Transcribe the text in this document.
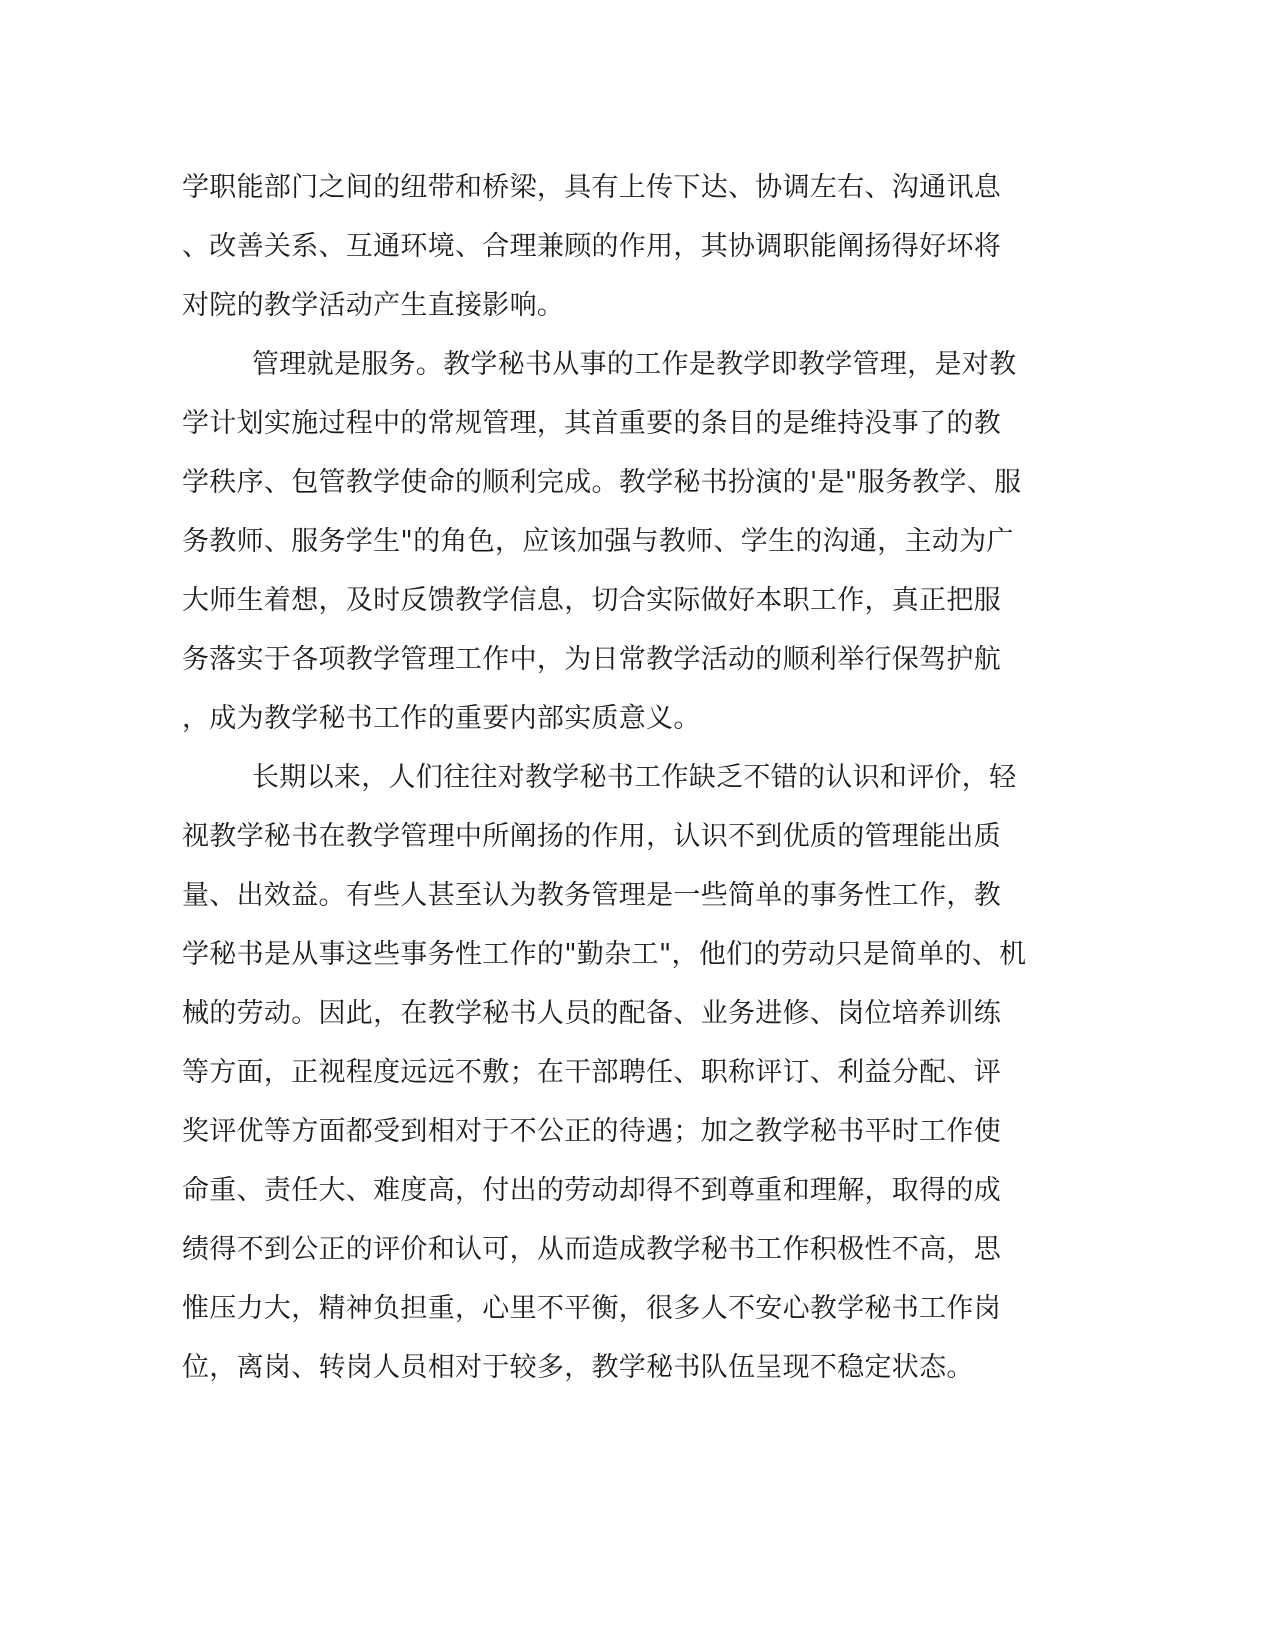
学职能部门之间的纽带和桥梁，具有上传下达、协调左右、沟通讯息
、改善关系、互通环境、合理兼顾的作用，其协调职能阐扬得好坏将
对院的教学活动产生直接影响。
管理就是服务。教学秘书从事的工作是教学即教学管理，是对教
学计划实施过程中的常规管理，其首重要的条目的是维持没事了的教
学秩序、包管教学使命的顺利完成。教学秘书扮演的'是"服务教学、服
务教师、服务学生"的角色，应该加强与教师、学生的沟通，主动为广
大师生着想，及时反馈教学信息，切合实际做好本职工作，真正把服
务落实于各项教学管理工作中，为日常教学活动的顺利举行保驾护航
，成为教学秘书工作的重要内部实质意义。
长期以来，人们往往对教学秘书工作缺乏不错的认识和评价，轻
视教学秘书在教学管理中所阐扬的作用，认识不到优质的管理能出质
量、出效益。有些人甚至认为教务管理是一些简单的事务性工作，教
学秘书是从事这些事务性工作的"勤杂工"，他们的劳动只是简单的、机
械的劳动。因此，在教学秘书人员的配备、业务进修、岗位培养训练
等方面，正视程度远远不敷；在干部聘任、职称评订、利益分配、评
奖评优等方面都受到相对于不公正的待遇；加之教学秘书平时工作使
命重、责任大、难度高，付出的劳动却得不到尊重和理解，取得的成
绩得不到公正的评价和认可，从而造成教学秘书工作积极性不高，思
惟压力大，精神负担重，心里不平衡，很多人不安心教学秘书工作岗
位，离岗、转岗人员相对于较多，教学秘书队伍呈现不稳定状态。
